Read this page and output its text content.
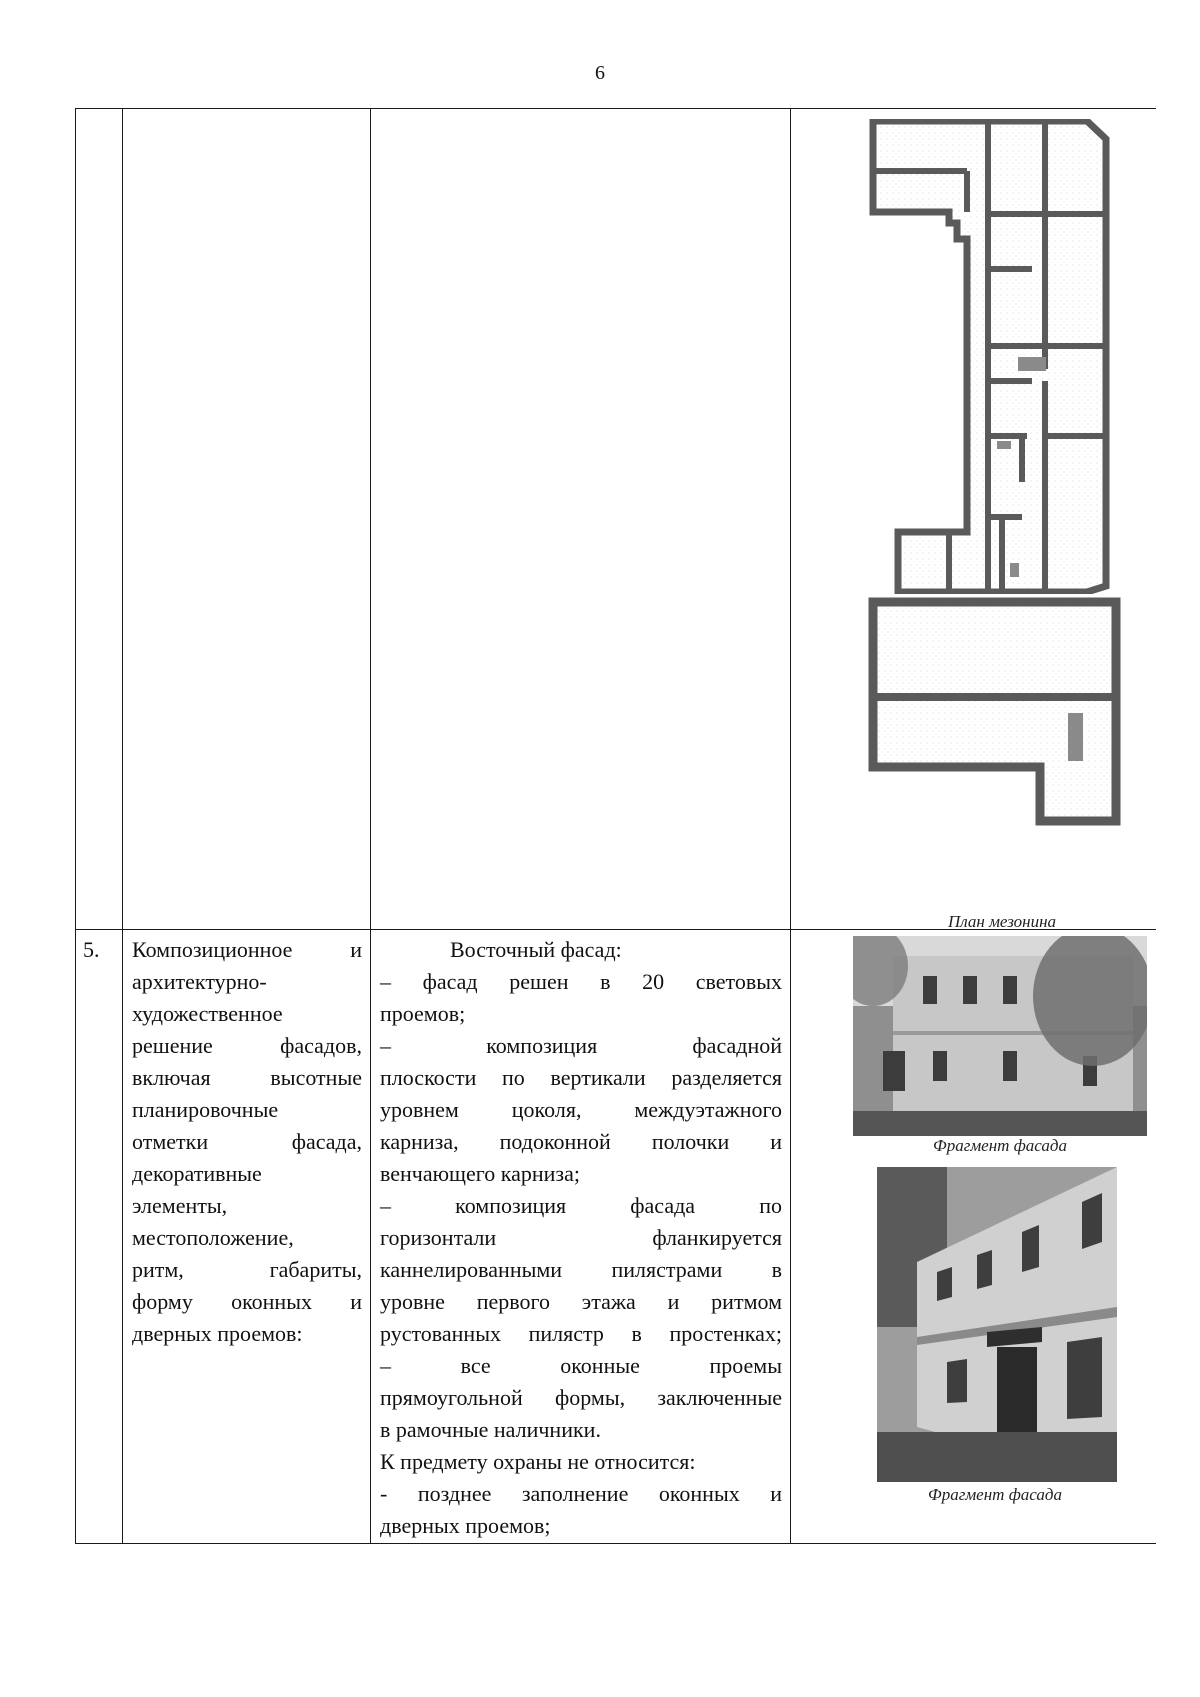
6
План мезонина
5. Композиционное и
архитектурно-
художественное
решение фасадов,
включая высотные
планировочные
отметки фасада,
декоративные
элементы,
местоположение,
ритм, габариты,
форму оконных и
дверных проемов:
Восточный фасад:
– фасад решен в 20 световых
проемов;
– композиция фасадной
плоскости по вертикали разделяется
уровнем цоколя, междуэтажного
карниза, подоконной полочки и
венчающего карниза;
– композиция фасада по
горизонтали фланкируется
каннелированными пилястрами в
уровне первого этажа и ритмом
рустованных пилястр в простенках;
– все оконные проемы
прямоугольной формы, заключенные
в рамочные наличники.
К предмету охраны не относится:
- позднее заполнение оконных и
дверных проемов;
Фрагмент фасада
Фрагмент фасада
